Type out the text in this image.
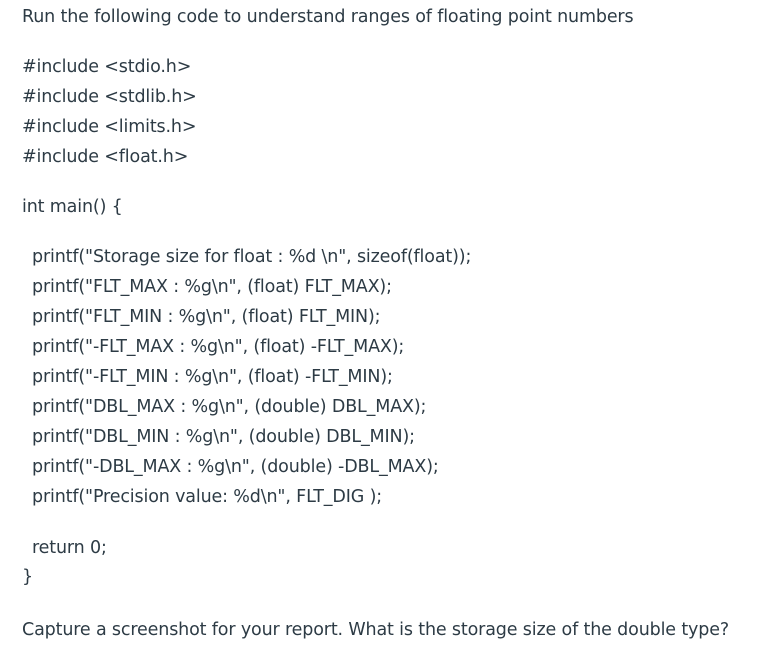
Run the following code to understand ranges of floating point numbers
#include <stdio.h>
#include <stdlib.h>
#include <limits.h>
#include <float.h>
int main() {
printf("Storage size for float : %d \n", sizeof(float));
printf("FLT_MAX : %g\n", (float) FLT_MAX);
printf("FLT_MIN : %g\n", (float) FLT_MIN);
printf("-FLT_MAX : %g\n", (float) -FLT_MAX);
printf("-FLT_MIN : %g\n", (float) -FLT_MIN);
printf("DBL_MAX : %g\n", (double) DBL_MAX);
printf("DBL_MIN : %g\n", (double) DBL_MIN);
printf("-DBL_MAX : %g\n", (double) -DBL_MAX);
printf("Precision value: %d\n", FLT_DIG );
return 0;
}
Capture a screenshot for your report. What is the storage size of the double type?
